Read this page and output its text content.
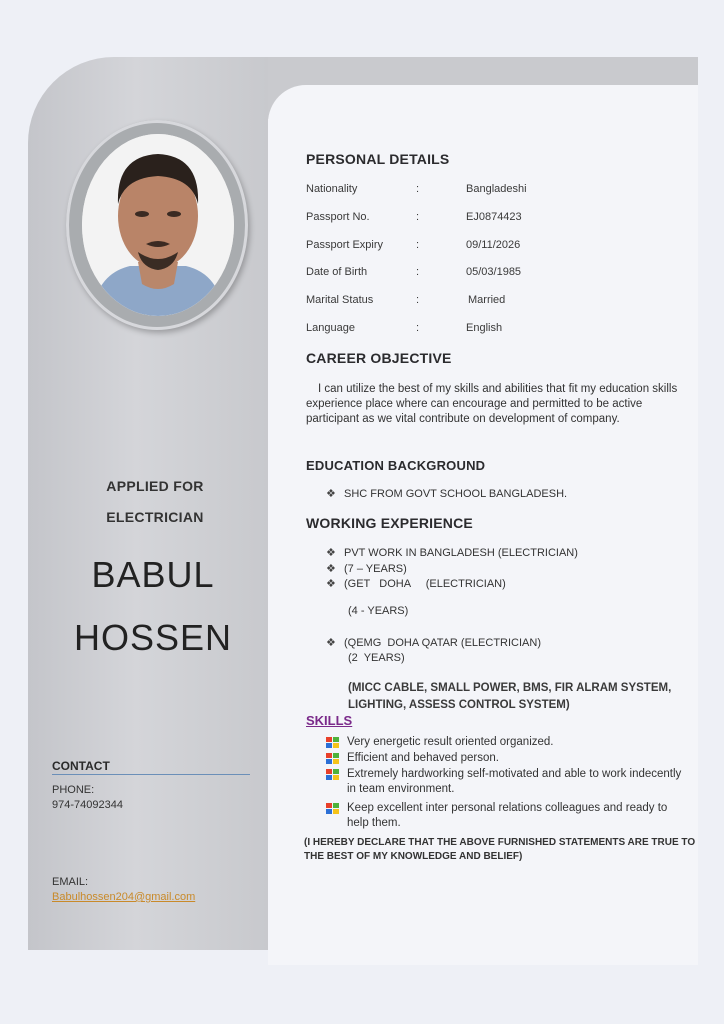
APPLIED FOR
ELECTRICIAN
BABUL
HOSSEN
CONTACT
PHONE:
974-74092344
EMAIL:
Babulhossen204@gmail.com
PERSONAL DETAILS
Nationality	:	Bangladeshi
Passport No.	:	EJ0874423
Passport Expiry	:	09/11/2026
Date of Birth	:	05/03/1985
Marital Status	:	Married
Language	:	English
CAREER OBJECTIVE
I can utilize the best of my skills and abilities that fit my education skills experience place where can encourage and permitted to be active participant as we vital contribute on development of company.
EDUCATION BACKGROUND
❖ SHC FROM GOVT SCHOOL BANGLADESH.
WORKING EXPERIENCE
❖ PVT WORK IN BANGLADESH (ELECTRICIAN)
❖ (7 – YEARS)
❖ (GET   DOHA     (ELECTRICIAN)
(4 - YEARS)
❖ (QEMG  DOHA QATAR (ELECTRICIAN)
(2  YEARS)
(MICC CABLE, SMALL POWER, BMS, FIR ALRAM SYSTEM, LIGHTING, ASSESS CONTROL SYSTEM)
SKILLS
Very energetic result oriented organized.
Efficient and behaved person.
Extremely hardworking self-motivated and able to work indecently in team environment.
Keep excellent inter personal relations colleagues and ready to help them.
(I HEREBY DECLARE THAT THE ABOVE FURNISHED STATEMENTS ARE TRUE TO THE BEST OF MY KNOWLEDGE AND BELIEF)
